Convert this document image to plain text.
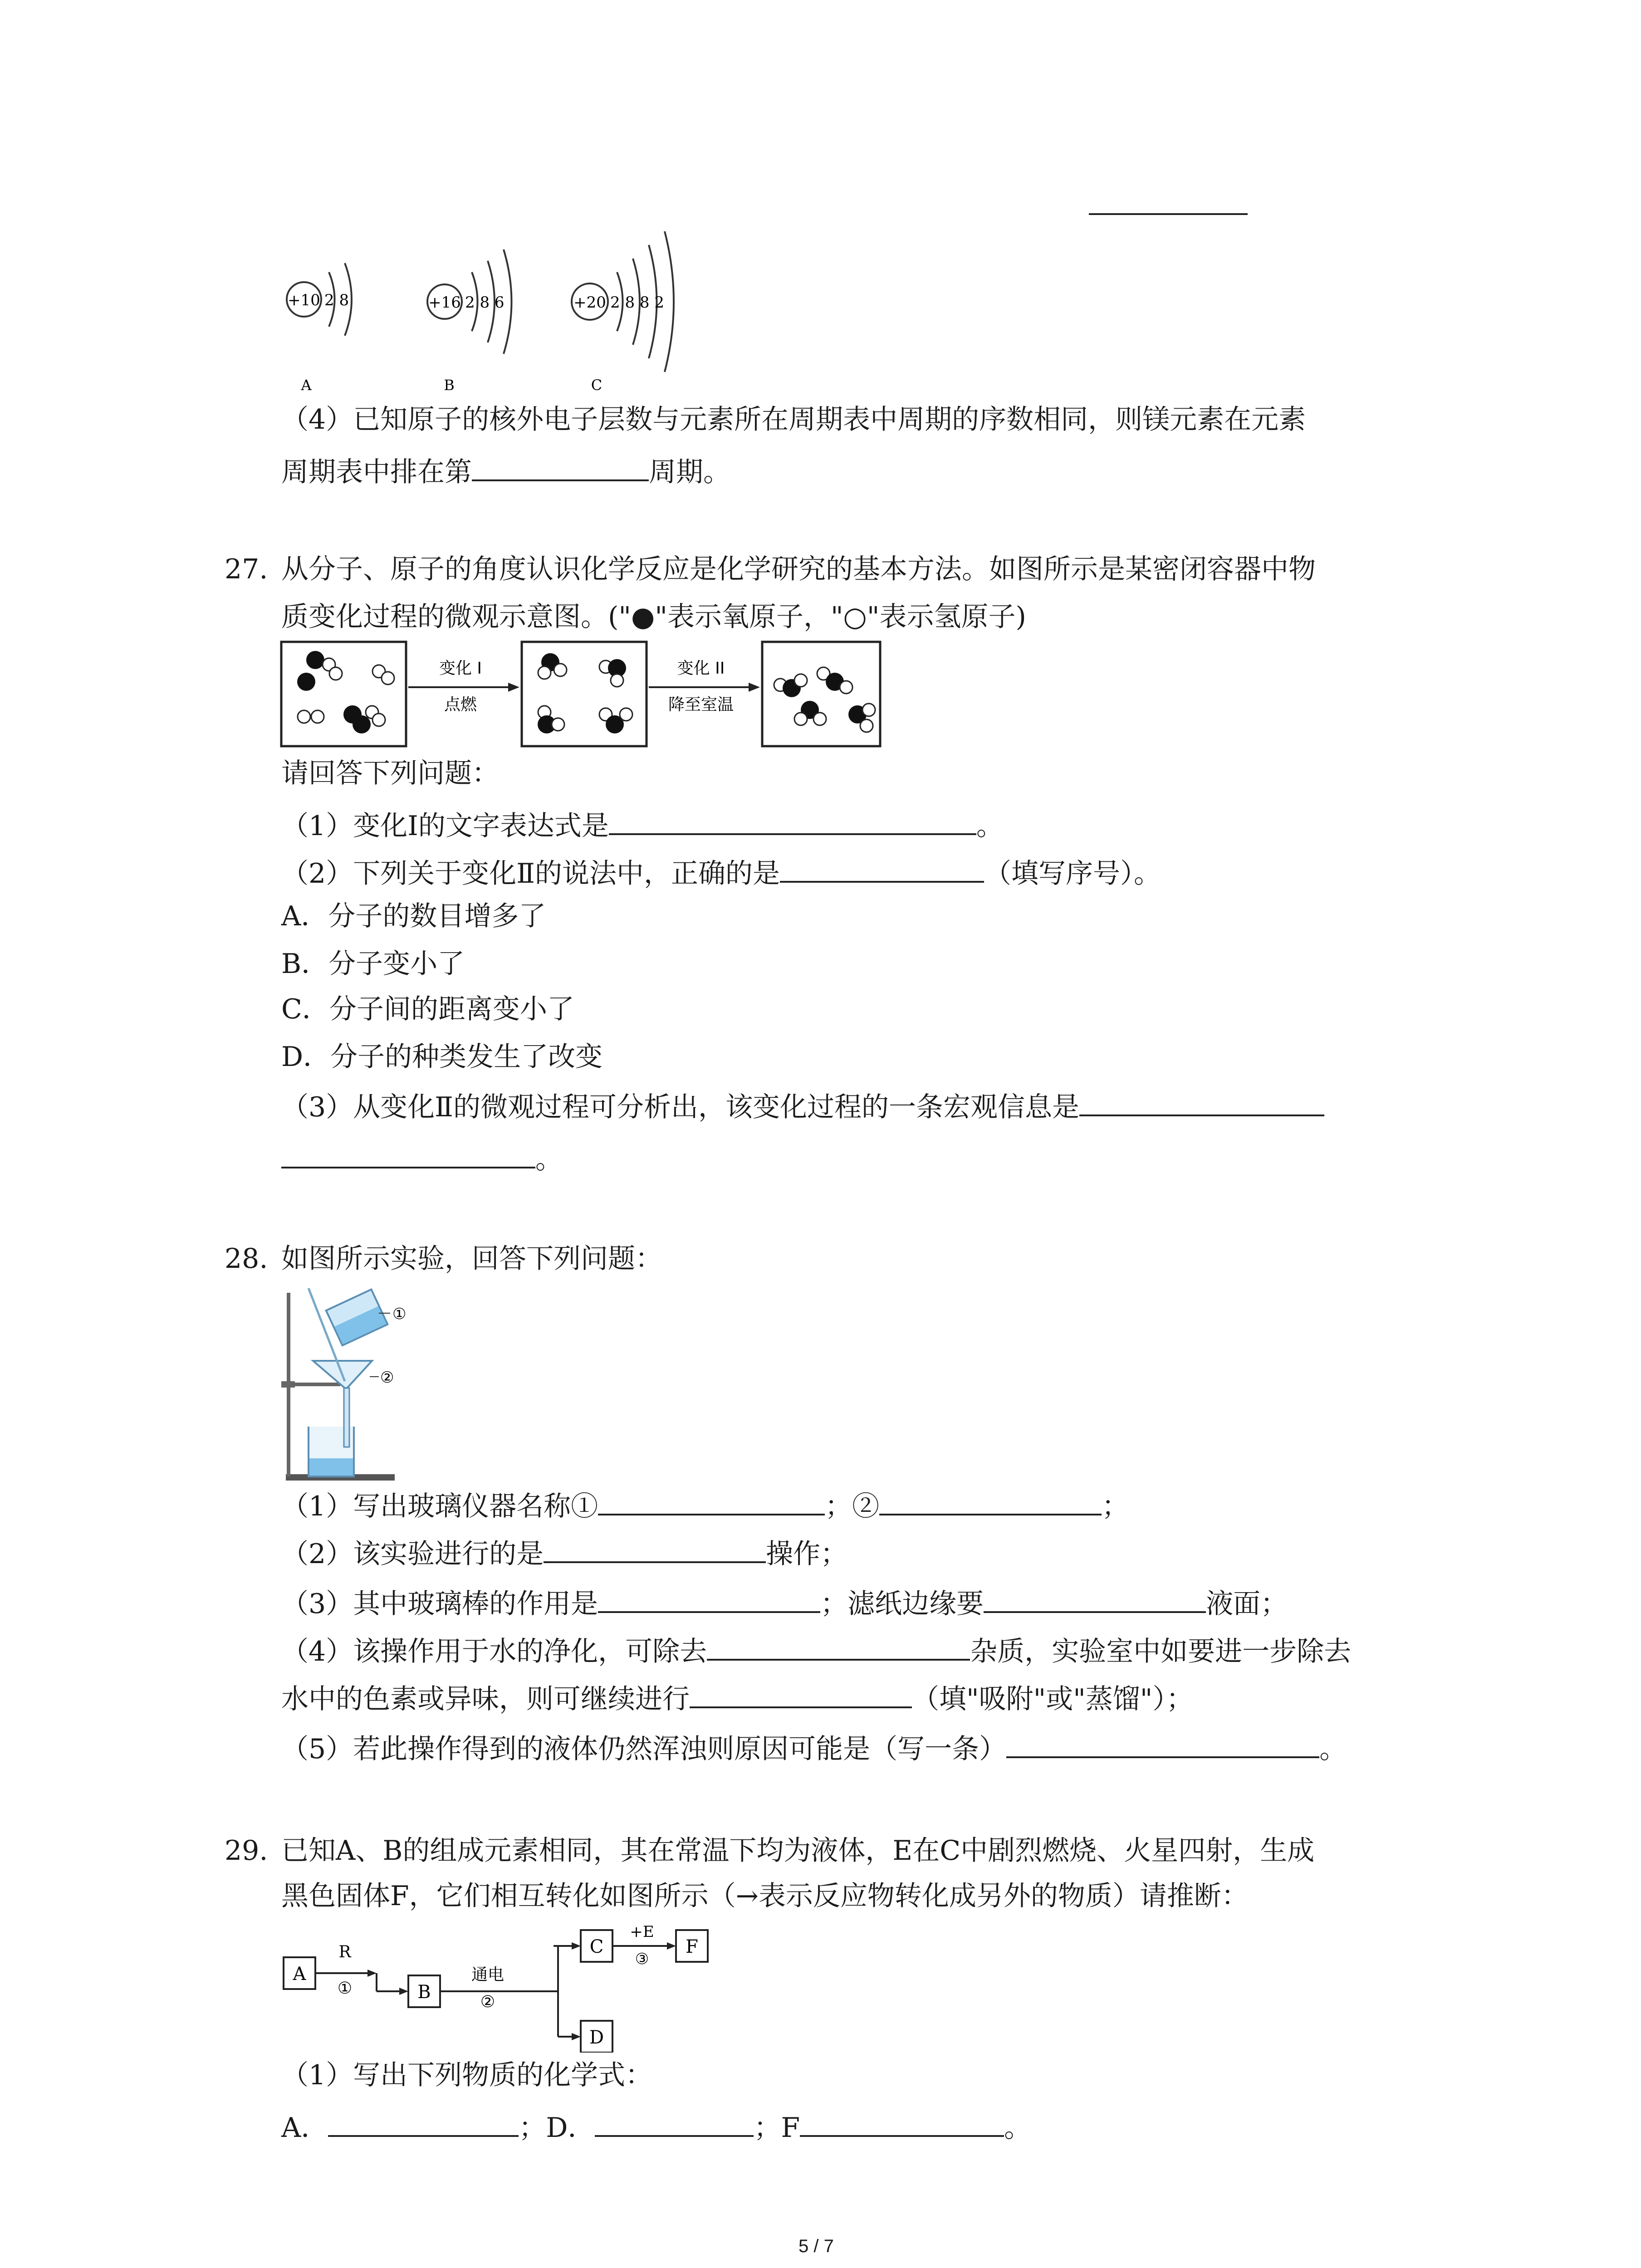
+10 2 8
A
+16 2 8 6
B
+20 2 8 8 2
C
（4）已知原子的核外电子层数与元素所在周期表中周期的序数相同，则镁元素在元素
周期表中排在第	周期。
27. 从分子、原子的角度认识化学反应是化学研究的基本方法。如图所示是某密闭容器中物
质变化过程的微观示意图。("●"表示氧原子，"○"表示氢原子)
变化 I
点燃
变化 II
降至室温
请回答下列问题：
（1）变化Ⅰ的文字表达式是	。
（2）下列关于变化Ⅱ的说法中，正确的是	（填写序号）。
A．分子的数目增多了
B．分子变小了
C．分子间的距离变小了
D．分子的种类发生了改变
（3）从变化Ⅱ的微观过程可分析出，该变化过程的一条宏观信息是
。
28. 如图所示实验，回答下列问题：
①
②
（1）写出玻璃仪器名称①	；②	；
（2）该实验进行的是	操作；
（3）其中玻璃棒的作用是	；滤纸边缘要	液面；
（4）该操作用于水的净化，可除去	杂质，实验室中如要进一步除去
水中的色素或异味，则可继续进行	（填"吸附"或"蒸馏"）；
（5）若此操作得到的液体仍然浑浊则原因可能是（写一条）	。
29. 已知A、B的组成元素相同，其在常温下均为液体，E在C中剧烈燃烧、火星四射，生成
黑色固体F，它们相互转化如图所示（→表示反应物转化成另外的物质）请推断：
A
R
①	B
通电
②
C
D
+E
③
F
（1）写出下列物质的化学式：
A．	；D．	；F	。
5 / 7
